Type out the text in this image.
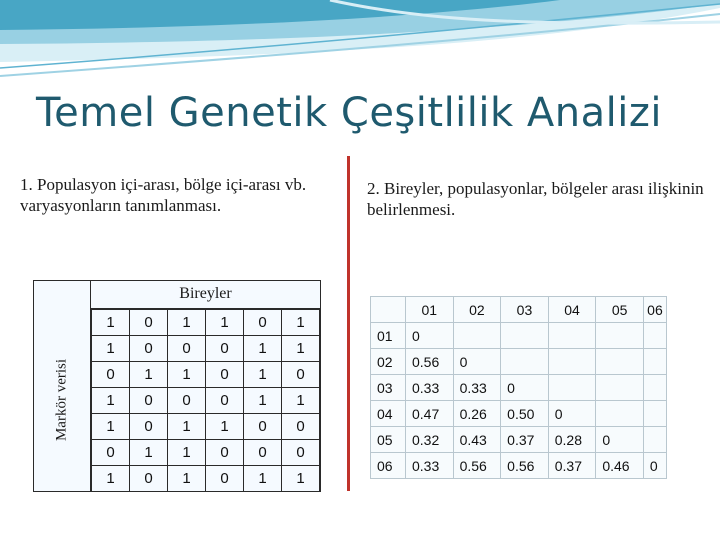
Temel Genetik Çeşitlilik Analizi
1. Populasyon içi-arası, bölge içi-arası vb. varyasyonların tanımlanması.
2. Bireyler, populasyonlar, bölgeler arası ilişkinin belirlenmesi.
Bireyler
Markör verisi
1	0	1	1	0	1
1	0	0	0	1	1
0	1	1	0	1	0
1	0	0	0	1	1
1	0	1	1	0	0
0	1	1	0	0	0
1	0	1	0	1	1
	01	02	03	04	05	06
01	0					
02	0.56	0				
03	0.33	0.33	0			
04	0.47	0.26	0.50	0		
05	0.32	0.43	0.37	0.28	0	
06	0.33	0.56	0.56	0.37	0.46	0
